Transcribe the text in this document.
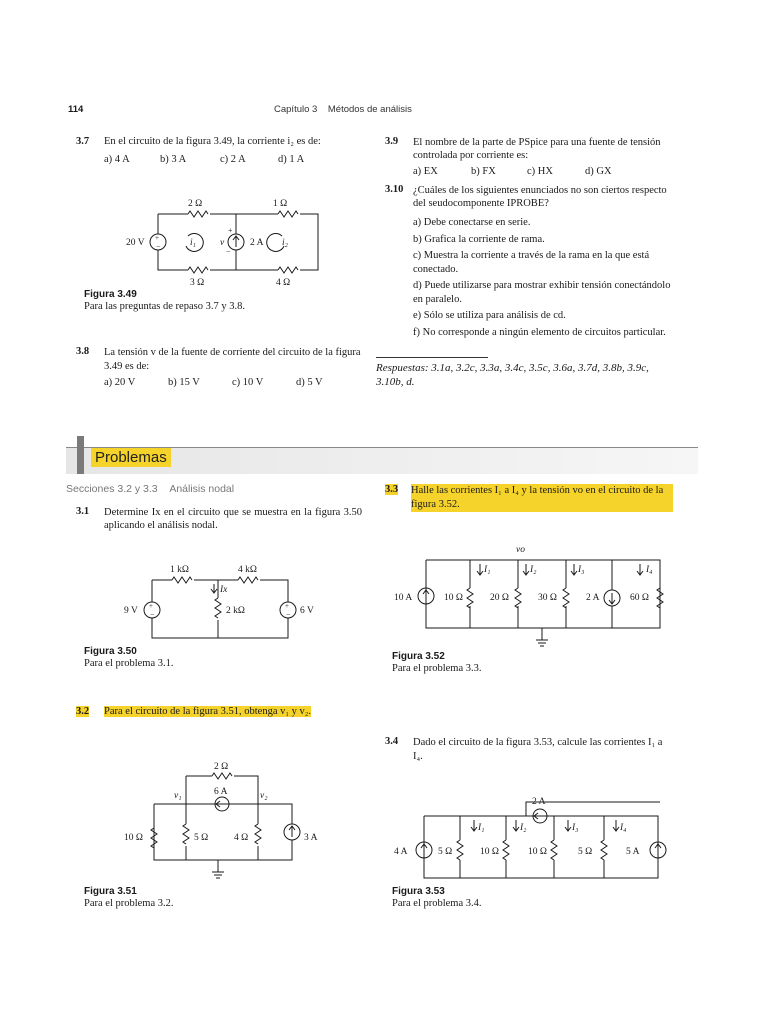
114	Capítulo 3 Métodos de análisis
3.7 En el circuito de la figura 3.49, la corriente i₂ es de:
a) 4 A	b) 3 A	c) 2 A	d) 1 A
+
−
+
−
2 Ω	1 Ω
3 Ω	4 Ω
20 V	2 A
i₁	i₂
v
Figura 3.49
Para las preguntas de repaso 3.7 y 3.8.
3.8 La tensión v de la fuente de corriente del circuito de la figura 3.49 es de:
a) 20 V	b) 15 V	c) 10 V	d) 5 V
3.9 El nombre de la parte de PSpice para una fuente de tensión controlada por corriente es:
a) EX	b) FX	c) HX	d) GX
3.10 ¿Cuáles de los siguientes enunciados no son ciertos respecto del seudocomponente IPROBE?
a) Debe conectarse en serie.
b) Grafica la corriente de rama.
c) Muestra la corriente a través de la rama en la que está conectado.
d) Puede utilizarse para mostrar exhibir tensión conectándolo en paralelo.
e) Sólo se utiliza para análisis de cd.
f) No corresponde a ningún elemento de circuitos particular.
Respuestas: 3.1a, 3.2c, 3.3a, 3.4c, 3.5c, 3.6a, 3.7d, 3.8b, 3.9c, 3.10b, d.
Problemas
Secciones 3.2 y 3.3 Análisis nodal
3.1 Determine Ix en el circuito que se muestra en la figura 3.50 aplicando el análisis nodal.
+
−
+
−
1 kΩ	4 kΩ
2 kΩ
9 V	6 V
Ix
Figura 3.50
Para el problema 3.1.
3.2 Para el circuito de la figura 3.51, obtenga v₁ y v₂.
2 Ω
6 A
v₁	v₂
10 Ω	5 Ω	4 Ω	3 A
Figura 3.51
Para el problema 3.2.
3.3 Halle las corrientes I₁ a I₄ y la tensión vo en el circuito de la figura 3.52.
vo
I₁	I₂	I₃	I₄
10 A	10 Ω	20 Ω	30 Ω	2 A	60 Ω
Figura 3.52
Para el problema 3.3.
3.4 Dado el circuito de la figura 3.53, calcule las corrientes I₁ a I₄.
2 A
I₁	I₂	I₃	I₄
4 A	5 Ω	10 Ω	10 Ω	5 Ω	5 A
Figura 3.53
Para el problema 3.4.
